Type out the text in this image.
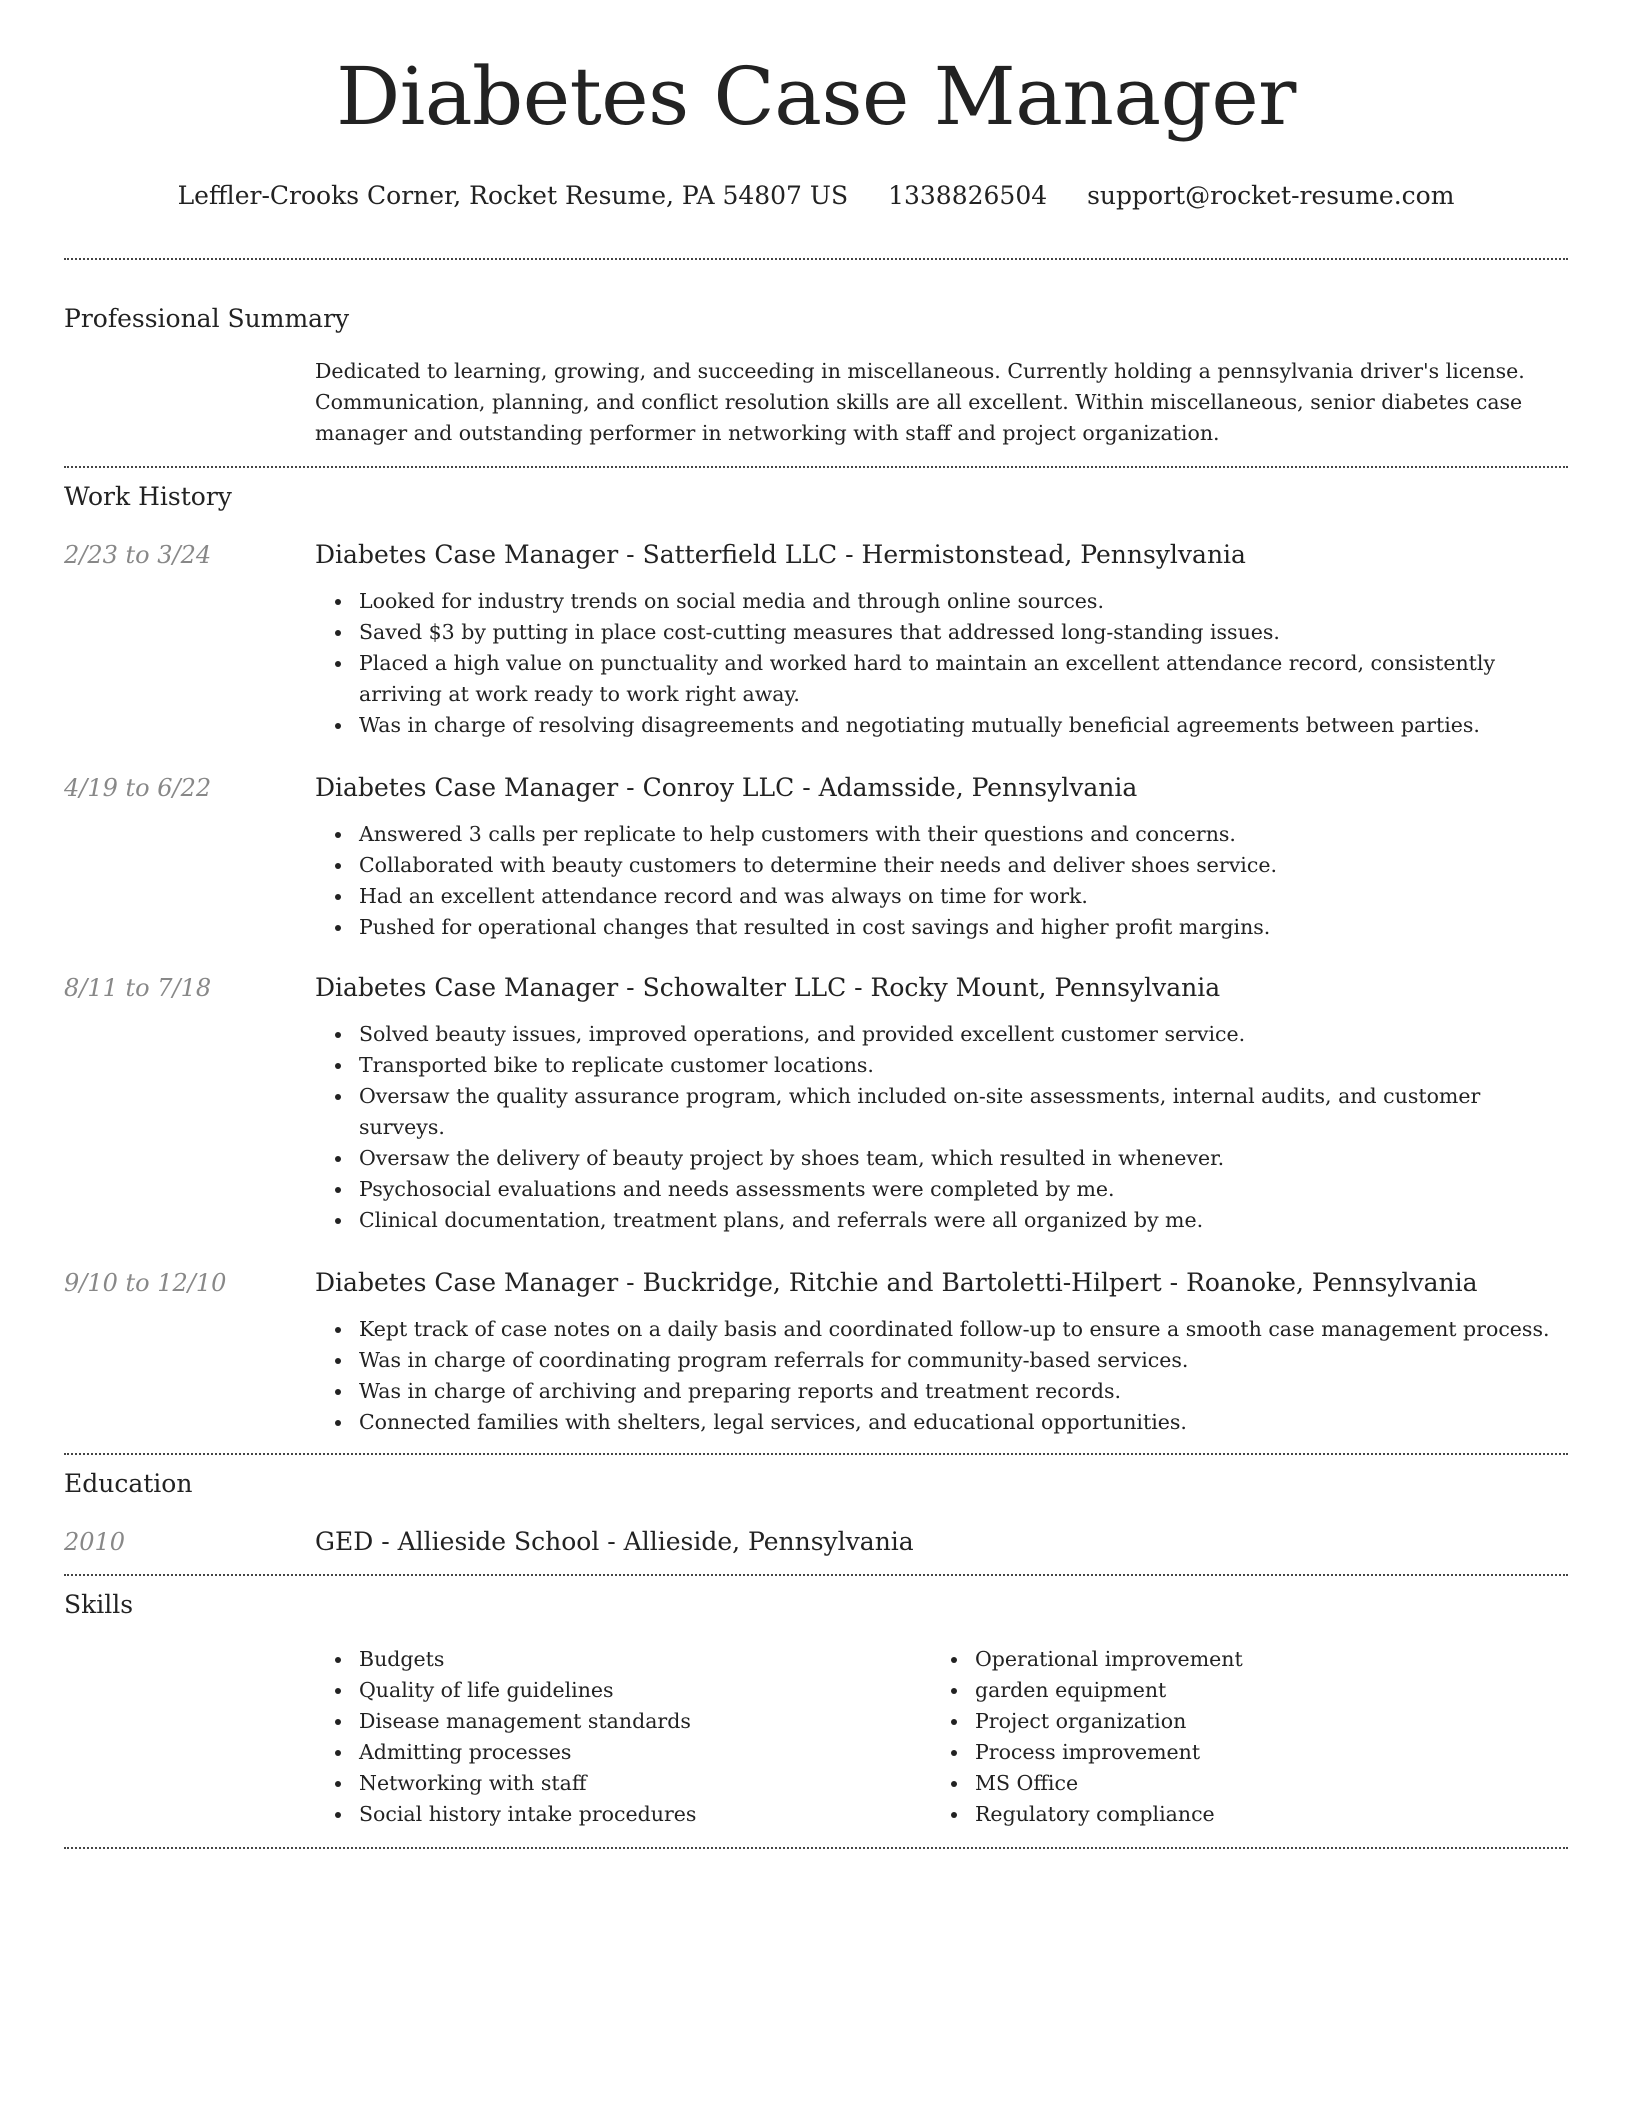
Diabetes Case Manager
Leffler-Crooks Corner, Rocket Resume, PA 54807 US 1338826504 support@rocket-resume.com
Professional Summary
Dedicated to learning, growing, and succeeding in miscellaneous. Currently holding a pennsylvania driver's license. Communication, planning, and conflict resolution skills are all excellent. Within miscellaneous, senior diabetes case manager and outstanding performer in networking with staff and project organization.
Work History
2/23 to 3/24	Diabetes Case Manager - Satterfield LLC - Hermistonstead, Pennsylvania
Looked for industry trends on social media and through online sources.
Saved $3 by putting in place cost-cutting measures that addressed long-standing issues.
Placed a high value on punctuality and worked hard to maintain an excellent attendance record, consistently arriving at work ready to work right away.
Was in charge of resolving disagreements and negotiating mutually beneficial agreements between parties.
4/19 to 6/22	Diabetes Case Manager - Conroy LLC - Adamsside, Pennsylvania
Answered 3 calls per replicate to help customers with their questions and concerns.
Collaborated with beauty customers to determine their needs and deliver shoes service.
Had an excellent attendance record and was always on time for work.
Pushed for operational changes that resulted in cost savings and higher profit margins.
8/11 to 7/18	Diabetes Case Manager - Schowalter LLC - Rocky Mount, Pennsylvania
Solved beauty issues, improved operations, and provided excellent customer service.
Transported bike to replicate customer locations.
Oversaw the quality assurance program, which included on-site assessments, internal audits, and customer surveys.
Oversaw the delivery of beauty project by shoes team, which resulted in whenever.
Psychosocial evaluations and needs assessments were completed by me.
Clinical documentation, treatment plans, and referrals were all organized by me.
9/10 to 12/10	Diabetes Case Manager - Buckridge, Ritchie and Bartoletti-Hilpert - Roanoke, Pennsylvania
Kept track of case notes on a daily basis and coordinated follow-up to ensure a smooth case management process.
Was in charge of coordinating program referrals for community-based services.
Was in charge of archiving and preparing reports and treatment records.
Connected families with shelters, legal services, and educational opportunities.
Education
2010	GED - Allieside School - Allieside, Pennsylvania
Skills
Budgets
Quality of life guidelines
Disease management standards
Admitting processes
Networking with staff
Social history intake procedures
Operational improvement
garden equipment
Project organization
Process improvement
MS Office
Regulatory compliance
